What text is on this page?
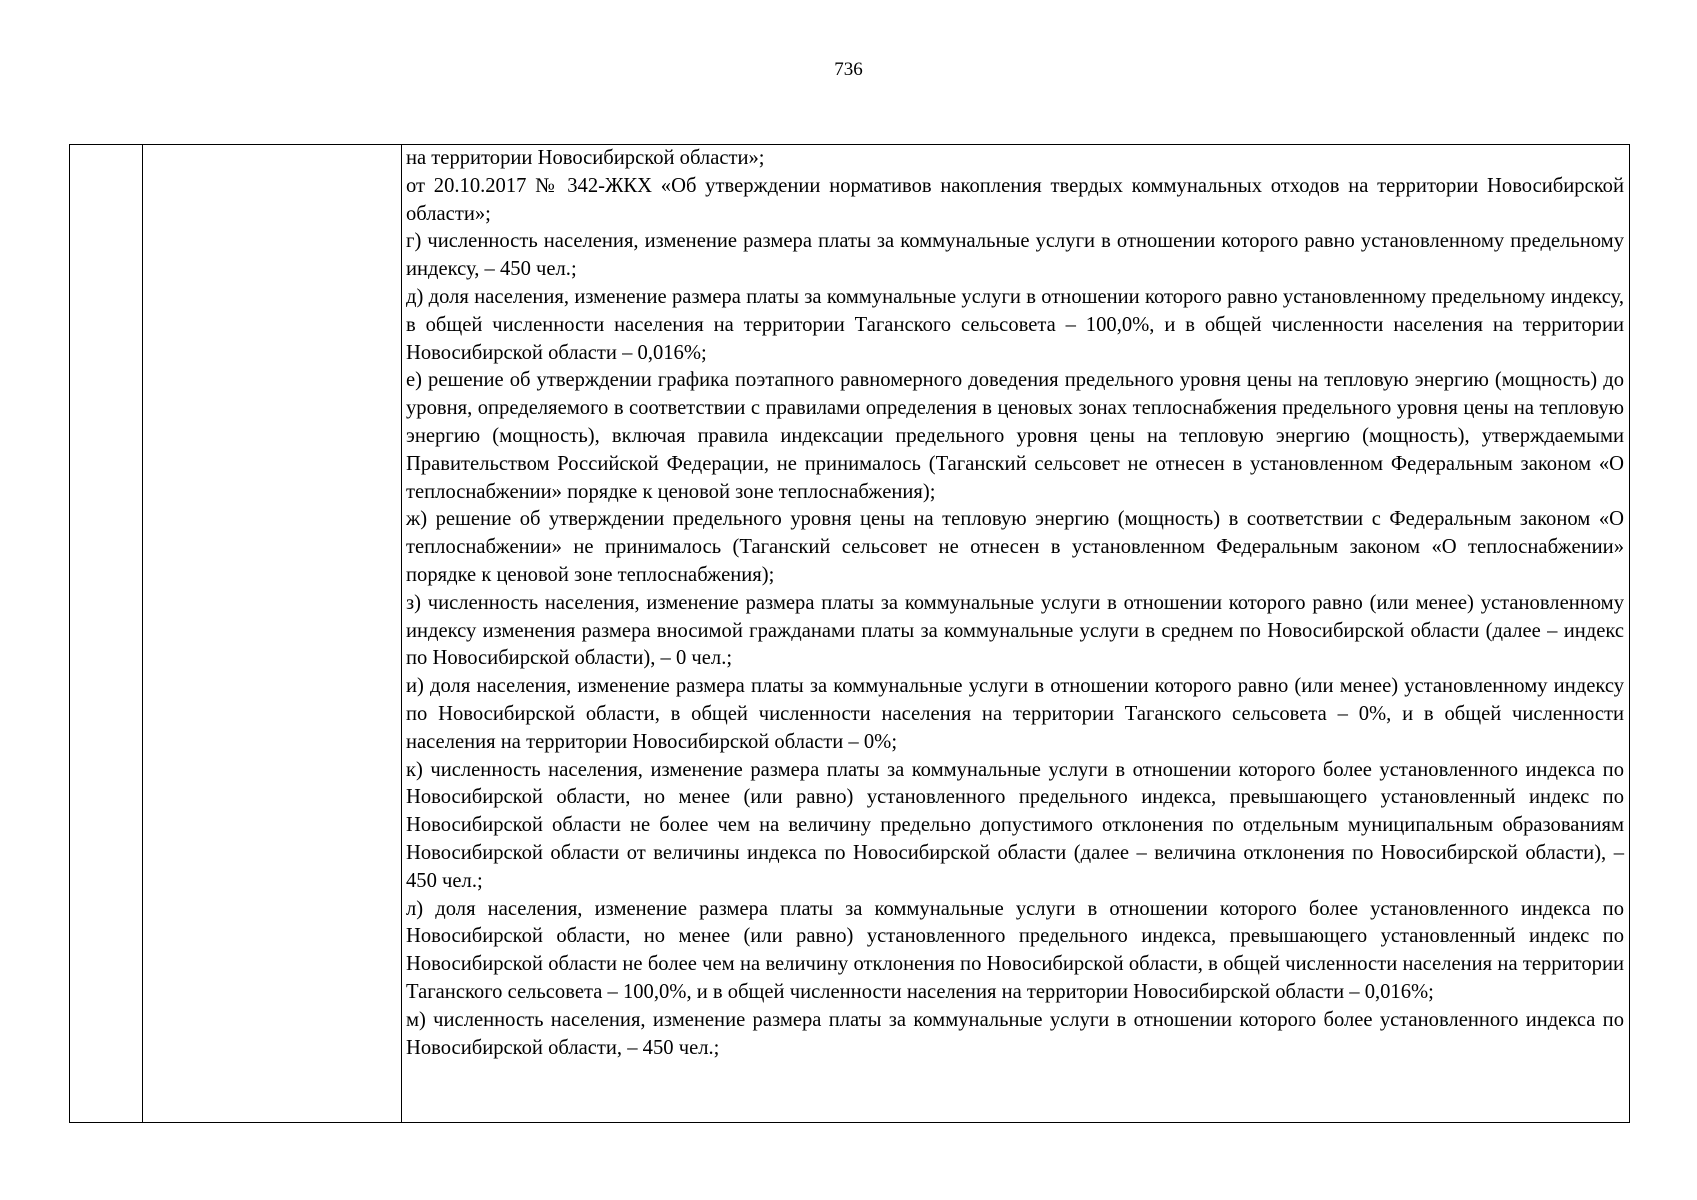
736

на территории Новосибирской области»;

от 20.10.2017 № 342-ЖКХ «Об утверждении нормативов накопления твердых коммунальных отходов на территории Новосибирской области»;

г) численность населения, изменение размера платы за коммунальные услуги в отношении которого равно установленному предельному индексу, – 450 чел.;

д) доля населения, изменение размера платы за коммунальные услуги в отношении которого равно установленному предельному индексу, в общей численности населения на территории Таганского сельсовета – 100,0%, и в общей численности населения на территории Новосибирской области – 0,016%;

е) решение об утверждении графика поэтапного равномерного доведения предельного уровня цены на тепловую энергию (мощность) до уровня, определяемого в соответствии с правилами определения в ценовых зонах теплоснабжения предельного уровня цены на тепловую энергию (мощность), включая правила индексации предельного уровня цены на тепловую энергию (мощность), утверждаемыми Правительством Российской Федерации, не принималось (Таганский сельсовет не отнесен в установленном Федеральным законом «О теплоснабжении» порядке к ценовой зоне теплоснабжения);

ж) решение об утверждении предельного уровня цены на тепловую энергию (мощность) в соответствии с Федеральным законом «О теплоснабжении» не принималось (Таганский сельсовет не отнесен в установленном Федеральным законом «О теплоснабжении» порядке к ценовой зоне теплоснабжения);

з) численность населения, изменение размера платы за коммунальные услуги в отношении которого равно (или менее) установленному индексу изменения размера вносимой гражданами платы за коммунальные услуги в среднем по Новосибирской области (далее – индекс по Новосибирской области), – 0 чел.;

и) доля населения, изменение размера платы за коммунальные услуги в отношении которого равно (или менее) установленному индексу по Новосибирской области, в общей численности населения на территории Таганского сельсовета – 0%, и в общей численности населения на территории Новосибирской области – 0%;

к) численность населения, изменение размера платы за коммунальные услуги в отношении которого более установленного индекса по Новосибирской области, но менее (или равно) установленного предельного индекса, превышающего установленный индекс по Новосибирской области не более чем на величину предельно допустимого отклонения по отдельным муниципальным образованиям Новосибирской области от величины индекса по Новосибирской области (далее – величина отклонения по Новосибирской области), – 450 чел.;

л) доля населения, изменение размера платы за коммунальные услуги в отношении которого более установленного индекса по Новосибирской области, но менее (или равно) установленного предельного индекса, превышающего установленный индекс по Новосибирской области не более чем на величину отклонения по Новосибирской области, в общей численности населения на территории Таганского сельсовета – 100,0%, и в общей численности населения на территории Новосибирской области – 0,016%;

м) численность населения, изменение размера платы за коммунальные услуги в отношении которого более установленного индекса по Новосибирской области, – 450 чел.;
